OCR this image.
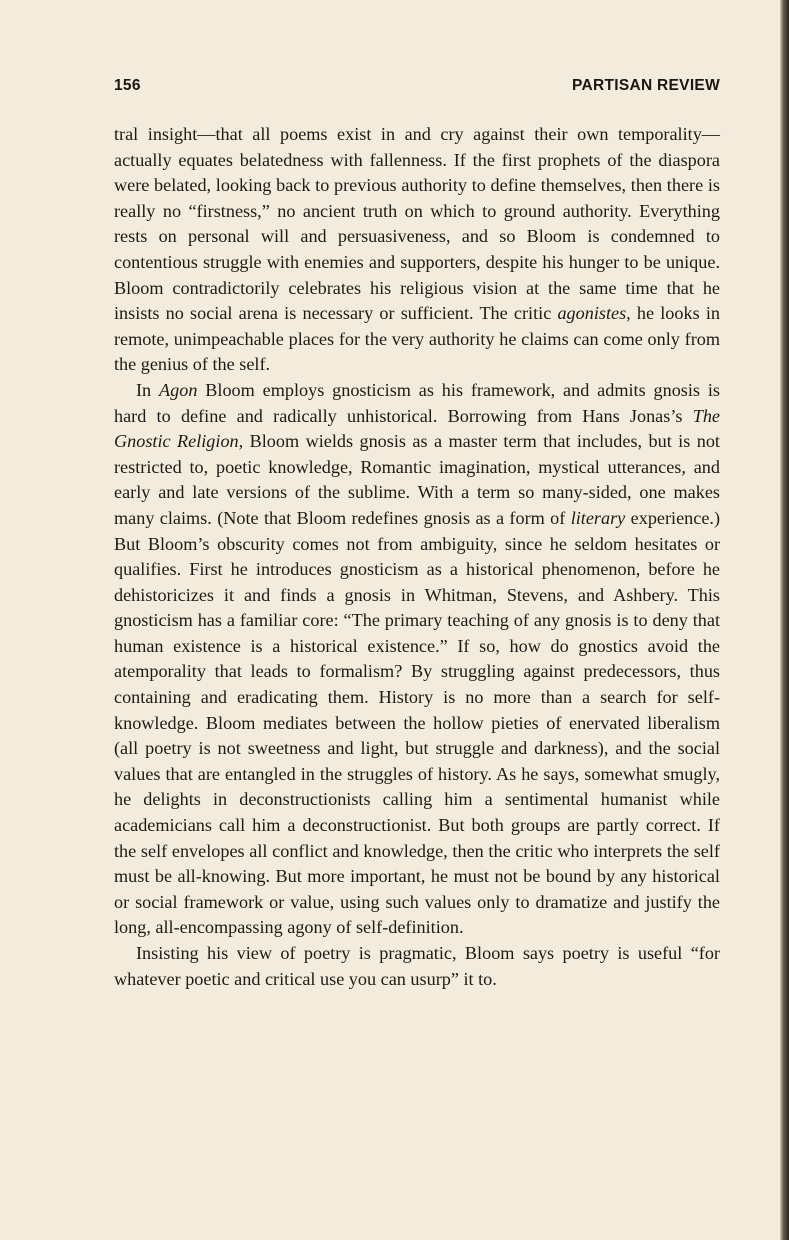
156	PARTISAN REVIEW

tral insight—that all poems exist in and cry against their own temporality—actually equates belatedness with fallenness. If the first prophets of the diaspora were belated, looking back to previous authority to define themselves, then there is really no “firstness,” no ancient truth on which to ground authority. Everything rests on personal will and persuasiveness, and so Bloom is condemned to contentious struggle with enemies and supporters, despite his hunger to be unique. Bloom contradictorily celebrates his religious vision at the same time that he insists no social arena is necessary or sufficient. The critic agonistes, he looks in remote, unimpeachable places for the very authority he claims can come only from the genius of the self.

In Agon Bloom employs gnosticism as his framework, and admits gnosis is hard to define and radically unhistorical. Borrowing from Hans Jonas’s The Gnostic Religion, Bloom wields gnosis as a master term that includes, but is not restricted to, poetic knowledge, Romantic imagination, mystical utterances, and early and late versions of the sublime. With a term so many-sided, one makes many claims. (Note that Bloom redefines gnosis as a form of literary experience.) But Bloom’s obscurity comes not from ambiguity, since he seldom hesitates or qualifies. First he introduces gnosticism as a historical phenomenon, before he dehistoricizes it and finds a gnosis in Whitman, Stevens, and Ashbery. This gnosticism has a familiar core: “The primary teaching of any gnosis is to deny that human existence is a historical existence.” If so, how do gnostics avoid the atemporality that leads to formalism? By struggling against predecessors, thus containing and eradicating them. History is no more than a search for self-knowledge. Bloom mediates between the hollow pieties of enervated liberalism (all poetry is not sweetness and light, but struggle and darkness), and the social values that are entangled in the struggles of history. As he says, somewhat smugly, he delights in deconstructionists calling him a sentimental humanist while academicians call him a deconstructionist. But both groups are partly correct. If the self envelopes all conflict and knowledge, then the critic who interprets the self must be all-knowing. But more important, he must not be bound by any historical or social framework or value, using such values only to dramatize and justify the long, all-encompassing agony of self-definition.

Insisting his view of poetry is pragmatic, Bloom says poetry is useful “for whatever poetic and critical use you can usurp” it to.
